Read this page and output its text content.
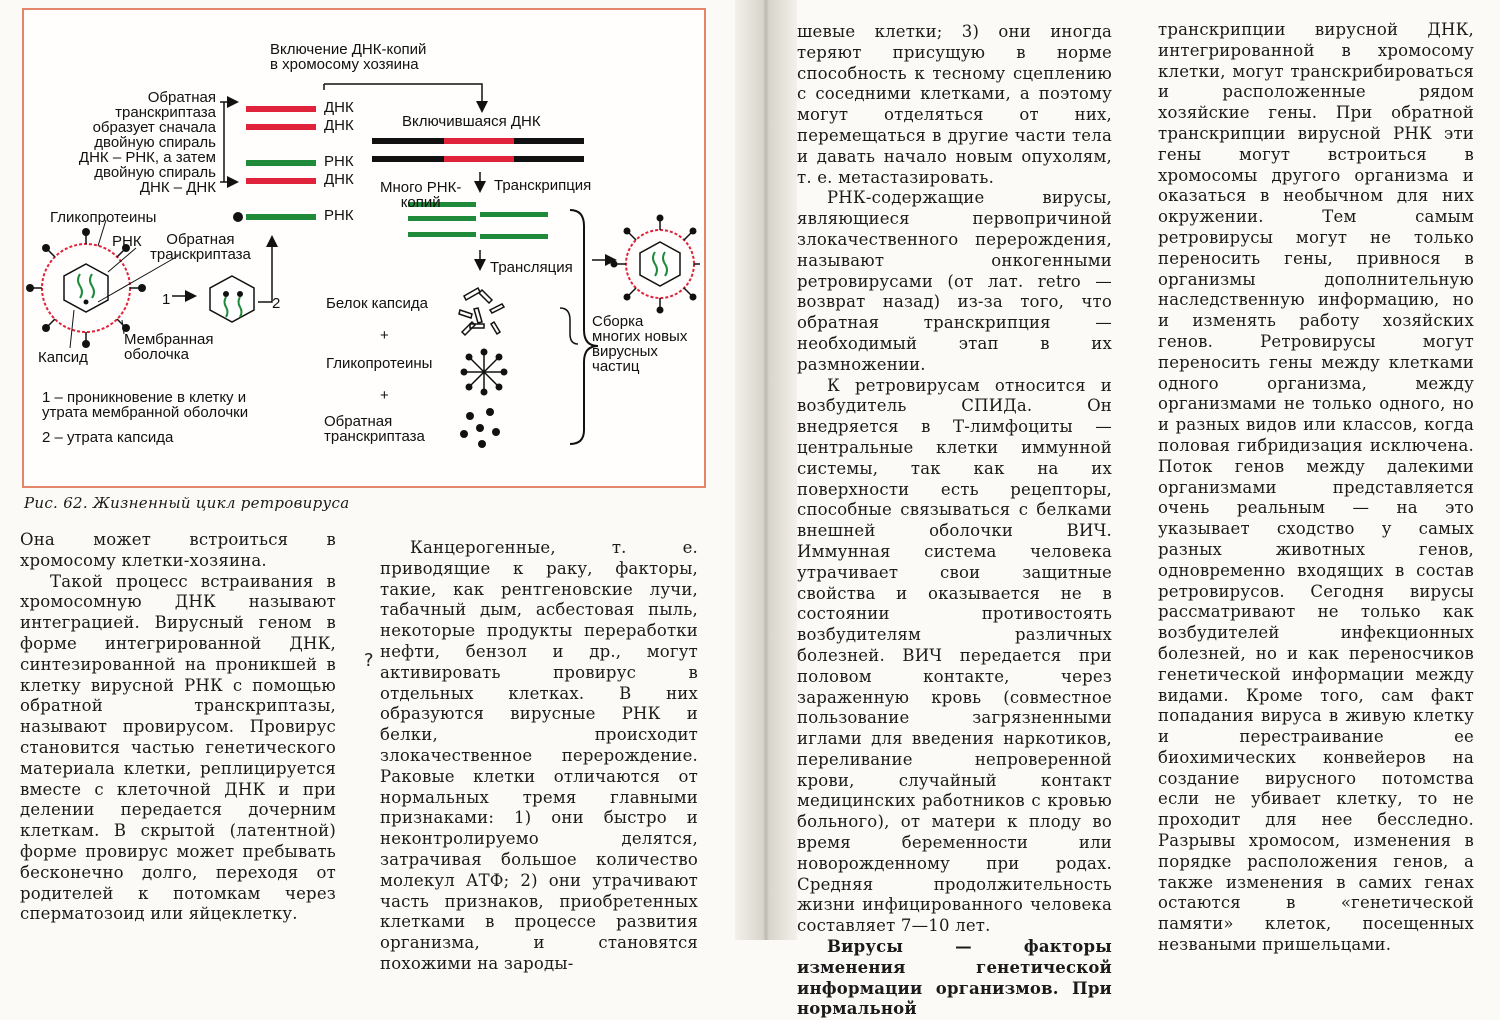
Включение ДНК-копий
в хромосому хозяина
Обратная
транскриптаза
образует сначала
двойную спираль
ДНК – РНК, а затем
двойную спираль
ДНК – ДНК
ДНК
ДНК
РНК
ДНК
РНК
Включившаяся ДНК
Много РНК-
копий
Транскрипция
Трансляция
Гликопротеины
РНК	Обратная
транскриптаза
1	2
Мембранная
оболочка
Капсид
Белок капсида
+
Гликопротеины
+
Обратная
транскриптаза
Сборка
многих новых
вирусных
частиц
1 – проникновение в клетку и
утрата мембранной оболочки
2 – утрата капсида
Рис. 62. Жизненный цикл ретровируса

Она может встроиться в хромосому клетки-хозяина.

Такой процесс встраивания в хромосомную ДНК называют интеграцией. Вирусный геном в форме интегрированной ДНК, синтезированной на проникшей в клетку вирусной РНК с помощью обратной транскриптазы, называют провирусом. Провирус становится частью генетического материала клетки, реплицируется вместе с клеточной ДНК и при делении передается дочерним клеткам. В скрытой (латентной) форме провирус может пребывать бесконечно долго, переходя от родителей к потомкам через сперматозоид или яйцеклетку.

?

Канцерогенные, т. е. приводящие к раку, факторы, такие, как рентгеновские лучи, табачный дым, асбестовая пыль, некоторые продукты переработки нефти, бензол и др., могут активировать провирус в отдельных клетках. В них образуются вирусные РНК и белки, происходит злокачественное перерождение. Раковые клетки отличаются от нормальных тремя главными признаками: 1) они быстро и неконтролируемо делятся, затрачивая большое количество молекул АТФ; 2) они утрачивают часть признаков, приобретенных клетками в процессе развития организма, и становятся похожими на зароды-

шевые клетки; 3) они иногда теряют присущую в норме способность к тесному сцеплению с соседними клетками, а поэтому могут отделяться от них, перемещаться в другие части тела и давать начало новым опухолям, т. е. метастазировать.

РНК-содержащие вирусы, являющиеся первопричиной злокачественного перерождения, называют онкогенными ретровирусами (от лат. retro — возврат назад) из-за того, что обратная транскрипция — необходимый этап в их размножении.

К ретровирусам относится и возбудитель СПИДа. Он внедряется в Т-лимфоциты — центральные клетки иммунной системы, так как на их поверхности есть рецепторы, способные связываться с белками внешней оболочки ВИЧ. Иммунная система человека утрачивает свои защитные свойства и оказывается не в состоянии противостоять возбудителям различных болезней. ВИЧ передается при половом контакте, через зараженную кровь (совместное пользование загрязненными иглами для введения наркотиков, переливание непроверенной крови, случайный контакт медицинских работников с кровью больного), от матери к плоду во время беременности или новорожденному при родах. Средняя продолжительность жизни инфицированного человека составляет 7—10 лет.

Вирусы — факторы изменения генетической информации организмов. При нормальной

транскрипции вирусной ДНК, интегрированной в хромосому клетки, могут транскрибироваться и расположенные рядом хозяйские гены. При обратной транскрипции вирусной РНК эти гены могут встроиться в хромосомы другого организма и оказаться в необычном для них окружении. Тем самым ретровирусы могут не только переносить гены, привнося в организмы дополнительную наследственную информацию, но и изменять работу хозяйских генов. Ретровирусы могут переносить гены между клетками одного организма, между организмами не только одного, но и разных видов или классов, когда половая гибридизация исключена. Поток генов между далекими организмами представляется очень реальным — на это указывает сходство у самых разных животных генов, одновременно входящих в состав ретровирусов. Сегодня вирусы рассматривают не только как возбудителей инфекционных болезней, но и как переносчиков генетической информации между видами. Кроме того, сам факт попадания вируса в живую клетку и перестраивание ее биохимических конвейеров на создание вирусного потомства если не убивает клетку, то не проходит для нее бесследно. Разрывы хромосом, изменения в порядке расположения генов, а также изменения в самих генах остаются в «генетической памяти» клеток, посещенных незваными пришельцами.
